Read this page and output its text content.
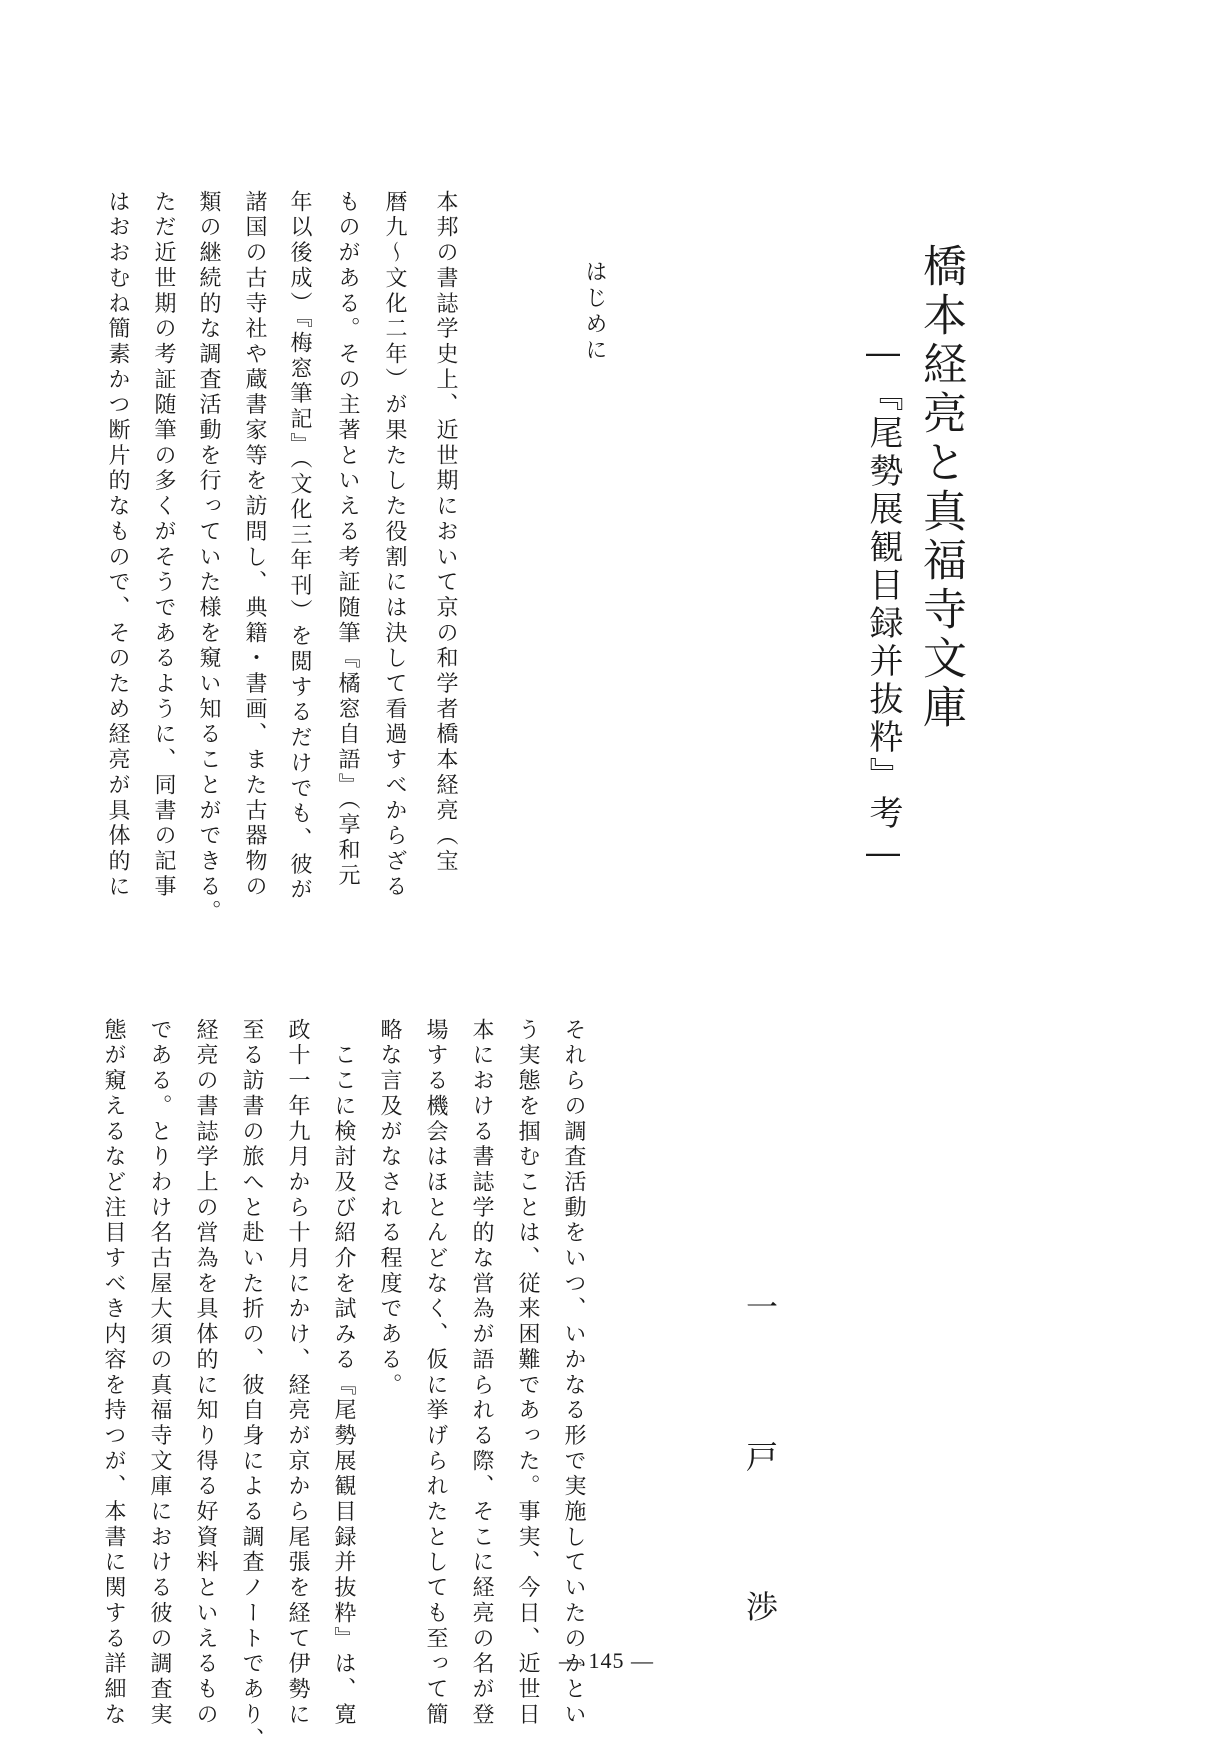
橋本経亮と真福寺文庫
―『尾勢展観目録并抜粋』考―
一 戸 渉
はじめに
本邦の書誌学史上、近世期において京の和学者橋本経亮（宝
暦九～文化二年）が果たした役割には決して看過すべからざる
ものがある。その主著といえる考証随筆『橘窓自語』（享和元
年以後成）『梅窓筆記』（文化三年刊）を閲するだけでも、彼が
諸国の古寺社や蔵書家等を訪問し、典籍・書画、また古器物の
類の継続的な調査活動を行っていた様を窺い知ることができる。
ただ近世期の考証随筆の多くがそうであるように、同書の記事
はおおむね簡素かつ断片的なもので、そのため経亮が具体的に
それらの調査活動をいつ、いかなる形で実施していたのかとい
う実態を掴むことは、従来困難であった。事実、今日、近世日
本における書誌学的な営為が語られる際、そこに経亮の名が登
場する機会はほとんどなく、仮に挙げられたとしても至って簡
略な言及がなされる程度である。
　ここに検討及び紹介を試みる『尾勢展観目録并抜粋』は、寛
政十一年九月から十月にかけ、経亮が京から尾張を経て伊勢に
至る訪書の旅へと赴いた折の、彼自身による調査ノートであり、
経亮の書誌学上の営為を具体的に知り得る好資料といえるもの
である。とりわけ名古屋大須の真福寺文庫における彼の調査実
態が窺えるなど注目すべき内容を持つが、本書に関する詳細な	― 145 ―
